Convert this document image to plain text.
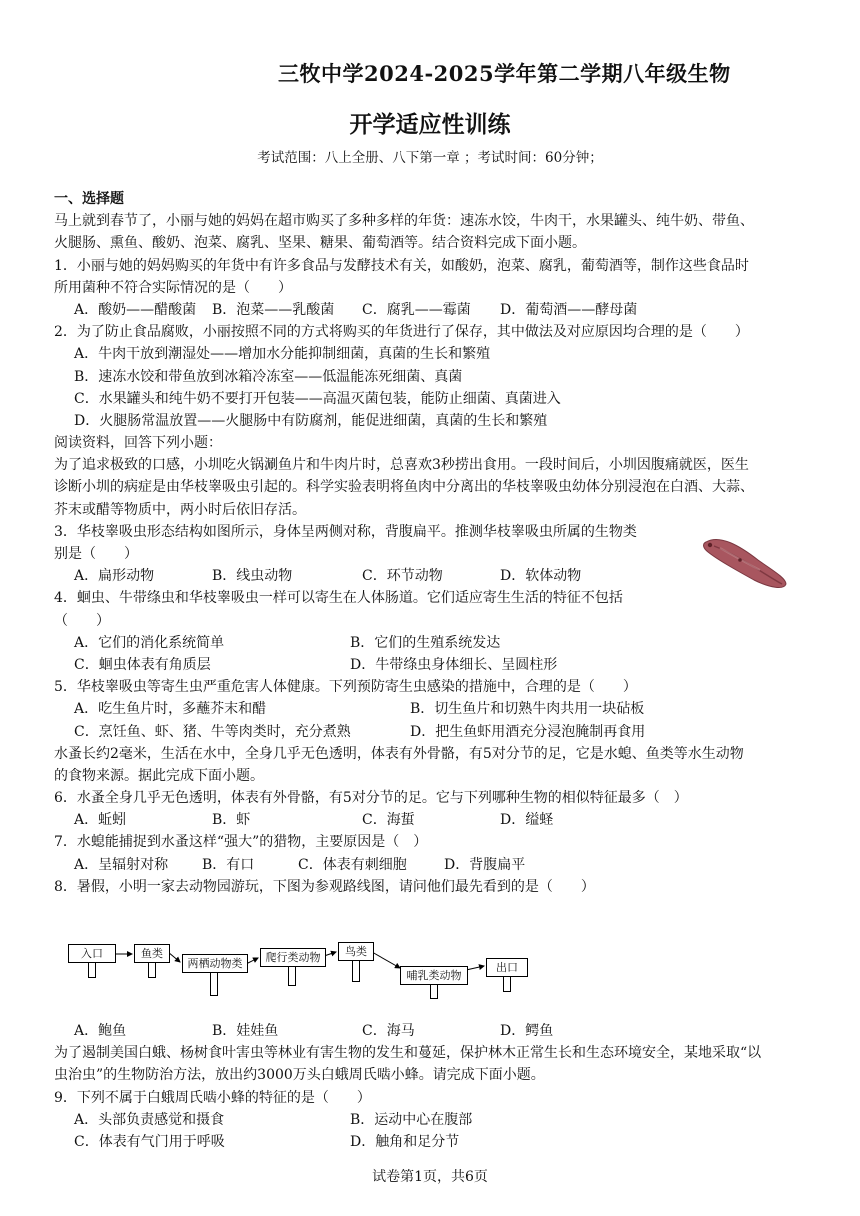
三牧中学2024-2025学年第二学期八年级生物
开学适应性训练
考试范围：八上全册、八下第一章 ；考试时间：60分钟；
一、选择题
马上就到春节了，小丽与她的妈妈在超市购买了多种多样的年货：速冻水饺，牛肉干，水果罐头、纯牛奶、带鱼、
火腿肠、熏鱼、酸奶、泡菜、腐乳、坚果、糖果、葡萄酒等。结合资料完成下面小题。
1．小丽与她的妈妈购买的年货中有许多食品与发酵技术有关，如酸奶，泡菜、腐乳，葡萄酒等，制作这些食品时
所用菌种不符合实际情况的是（　　）
A．酸奶——醋酸菌 B．泡菜——乳酸菌 C．腐乳——霉菌 D．葡萄酒——酵母菌
2．为了防止食品腐败，小丽按照不同的方式将购买的年货进行了保存，其中做法及对应原因均合理的是（　　）
A．牛肉干放到潮湿处——增加水分能抑制细菌，真菌的生长和繁殖
B．速冻水饺和带鱼放到冰箱冷冻室——低温能冻死细菌、真菌
C．水果罐头和纯牛奶不要打开包装——高温灭菌包装，能防止细菌、真菌进入
D．火腿肠常温放置——火腿肠中有防腐剂，能促进细菌，真菌的生长和繁殖
阅读资料，回答下列小题：
为了追求极致的口感，小圳吃火锅涮鱼片和牛肉片时，总喜欢3秒捞出食用。一段时间后，小圳因腹痛就医，医生
诊断小圳的病症是由华枝睾吸虫引起的。科学实验表明将鱼肉中分离出的华枝睾吸虫幼体分别浸泡在白酒、大蒜、
芥末或醋等物质中，两小时后依旧存活。
3．华枝睾吸虫形态结构如图所示，身体呈两侧对称，背腹扁平。推测华枝睾吸虫所属的生物类
别是（　　）
A．扁形动物	B．线虫动物	C．环节动物	D．软体动物
4．蛔虫、牛带绦虫和华枝睾吸虫一样可以寄生在人体肠道。它们适应寄生生活的特征不包括
（　　）
A．它们的消化系统简单	B．它们的生殖系统发达
C．蛔虫体表有角质层	D．牛带绦虫身体细长、呈圆柱形
5．华枝睾吸虫等寄生虫严重危害人体健康。下列预防寄生虫感染的措施中，合理的是（　　）
A．吃生鱼片时，多蘸芥末和醋	B．切生鱼片和切熟牛肉共用一块砧板
C．烹饪鱼、虾、猪、牛等肉类时，充分煮熟	D．把生鱼虾用酒充分浸泡腌制再食用
水蚤长约2毫米，生活在水中，全身几乎无色透明，体表有外骨骼，有5对分节的足，它是水螅、鱼类等水生动物
的食物来源。据此完成下面小题。
6．水蚤全身几乎无色透明，体表有外骨骼，有5对分节的足。它与下列哪种生物的相似特征最多（　）
A．蚯蚓	B．虾	C．海蜇	D．缢蛏
7．水螅能捕捉到水蚤这样“强大”的猎物，主要原因是（　）
A．呈辐射对称 B．有口	C．体表有刺细胞	D．背腹扁平
8．暑假，小明一家去动物园游玩，下图为参观路线图，请问他们最先看到的是（　　）
入口	鱼类
两栖动物类	爬行类动物	鸟类
哺乳类动物
出口
A．鲍鱼	B．娃娃鱼	C．海马	D．鳄鱼
为了遏制美国白蛾、杨树食叶害虫等林业有害生物的发生和蔓延，保护林木正常生长和生态环境安全，某地采取“以
虫治虫”的生物防治方法，放出约3000万头白蛾周氏啮小蜂。请完成下面小题。
9．下列不属于白蛾周氏啮小蜂的特征的是（　　）
A．头部负责感觉和摄食	B．运动中心在腹部
C．体表有气门用于呼吸	D．触角和足分节
试卷第1页，共6页
